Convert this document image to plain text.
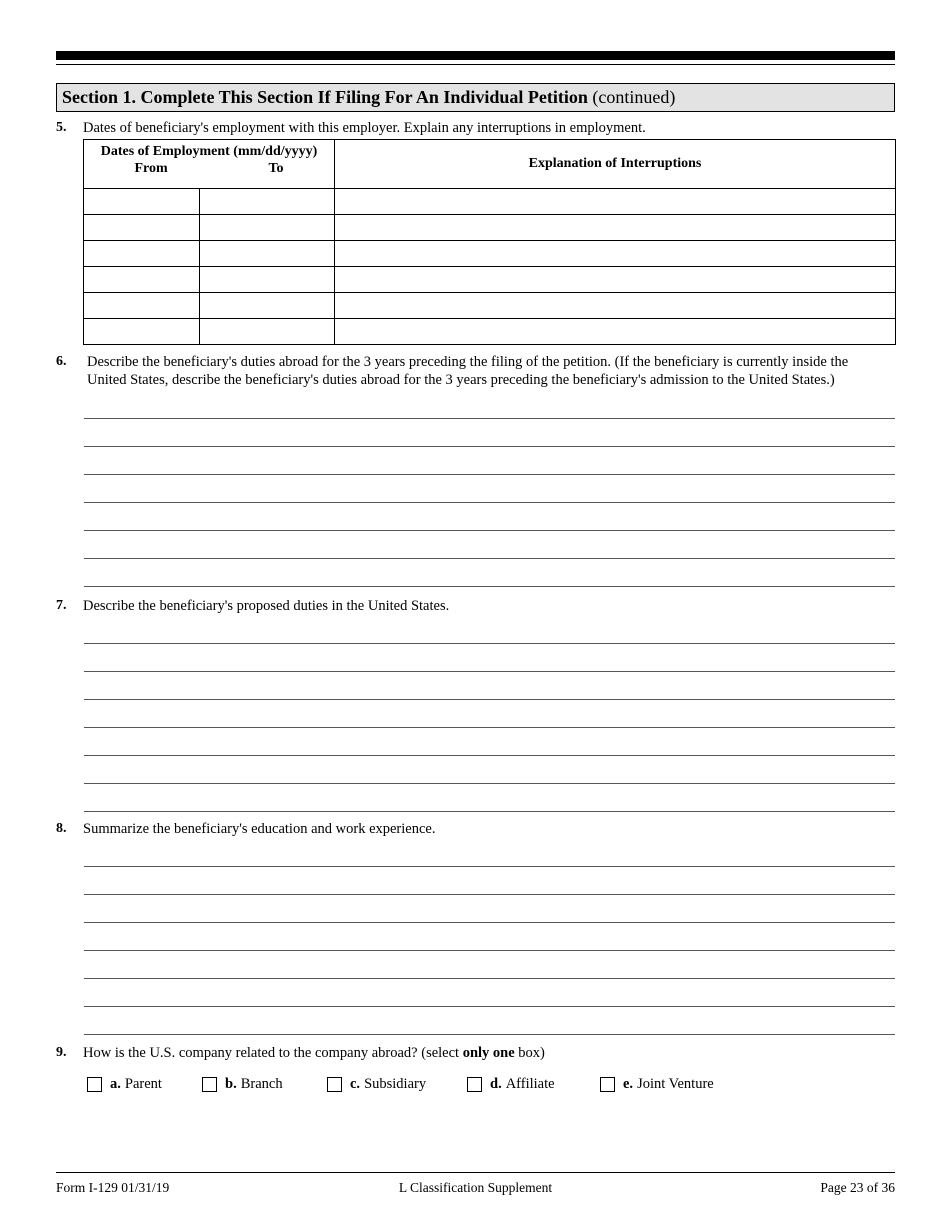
Section 1. Complete This Section If Filing For An Individual Petition (continued)
5. Dates of beneficiary's employment with this employer. Explain any interruptions in employment.
Dates of Employment (mm/dd/yyyy)
From To		Explanation of Interruptions

6. Describe the beneficiary's duties abroad for the 3 years preceding the filing of the petition. (If the beneficiary is currently inside the
United States, describe the beneficiary's duties abroad for the 3 years preceding the beneficiary's admission to the United States.)
7. Describe the beneficiary's proposed duties in the United States.
8. Summarize the beneficiary's education and work experience.
9. How is the U.S. company related to the company abroad? (select only one box)
a. Parent	b. Branch	c. Subsidiary	d. Affiliate	e. Joint Venture
Form I-129 01/31/19	L Classification Supplement	Page 23 of 36
